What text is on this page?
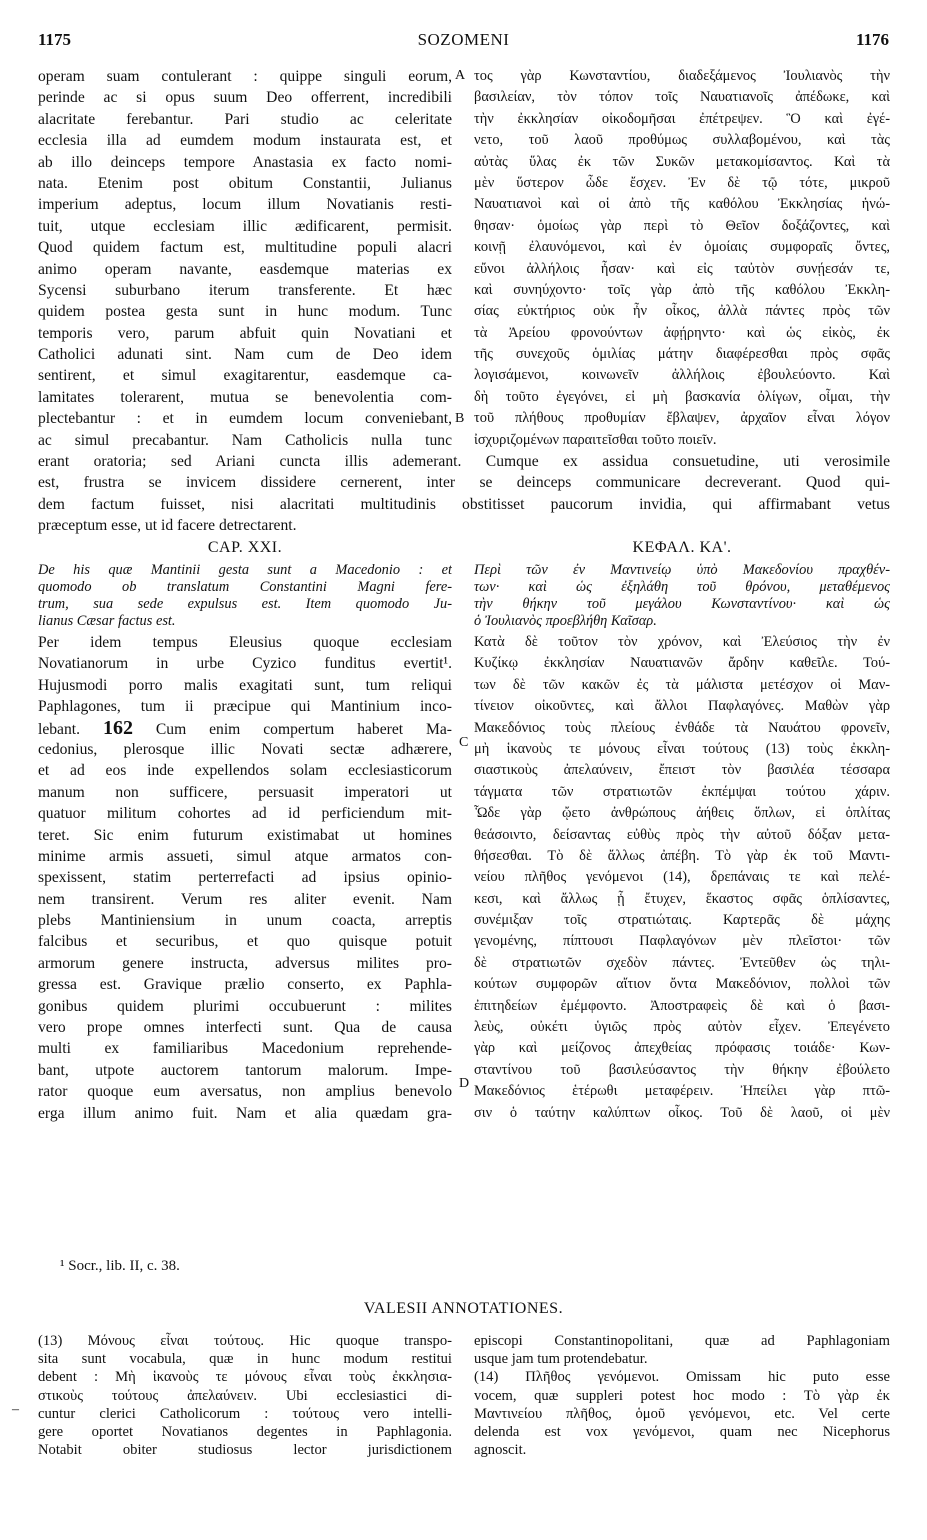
1175	SOZOMENI	1176
operam suam contulerant : quippe singuli eorum,
perinde ac si opus suum Deo offerrent, incredibili
alacritate ferebantur. Pari studio ac celeritate
ecclesia illa ad eumdem modum instaurata est, et
ab illo deinceps tempore Anastasia ex facto nomi-
nata. Etenim post obitum Constantii, Julianus
imperium adeptus, locum illum Novatianis resti-
tuit, utque ecclesiam illic ædificarent, permisit.
Quod quidem factum est, multitudine populi alacri
animo operam navante, easdemque materias ex
Sycensi suburbano iterum transferente. Et hæc
quidem postea gesta sunt in hunc modum. Tunc
temporis vero, parum abfuit quin Novatiani et
Catholici adunati sint. Nam cum de Deo idem
sentirent, et simul exagitarentur, easdemque ca-
lamitates tolerarent, mutua se benevolentia com-
plectebantur : et in eumdem locum conveniebant,
ac simul precabantur. Nam Catholicis nulla tunc
τος γὰρ Κωνσταντίου, διαδεξάμενος Ἰουλιανὸς τὴν
βασιλείαν, τὸν τόπον τοῖς Ναυατιανοῖς ἀπέδωκε, καὶ
τὴν ἐκκλησίαν οἰκοδομῆσαι ἐπέτρεψεν. Ὃ καὶ ἐγέ-
νετο, τοῦ λαοῦ προθύμως συλλαβομένου, καὶ τὰς
αὐτὰς ὕλας ἐκ τῶν Συκῶν μετακομίσαντος. Καὶ τὰ
μὲν ὕστερον ὧδε ἔσχεν. Ἐν δὲ τῷ τότε, μικροῦ
Ναυατιανοὶ καὶ οἱ ἀπὸ τῆς καθόλου Ἐκκλησίας ἡνώ-
θησαν· ὁμοίως γὰρ περὶ τὸ Θεῖον δοξάζοντες, καὶ
κοινῇ ἐλαυνόμενοι, καὶ ἐν ὁμοίαις συμφοραῖς ὄντες,
εὔνοι ἀλλήλοις ἦσαν· καὶ εἰς ταὐτὸν συνῄεσάν τε,
καὶ συνηύχοντο· τοῖς γὰρ ἀπὸ τῆς καθόλου Ἐκκλη-
σίας εὐκτήριος οὐκ ἦν οἶκος, ἀλλὰ πάντες πρὸς τῶν
τὰ Ἀρείου φρονούντων ἀφῄρηντο· καὶ ὡς εἰκὸς, ἐκ
τῆς συνεχοῦς ὁμιλίας μάτην διαφέρεσθαι πρὸς σφᾶς
λογισάμενοι, κοινωνεῖν ἀλλήλοις ἐβουλεύοντο. Καὶ
δὴ τοῦτο ἐγεγόνει, εἰ μὴ βασκανία ὀλίγων, οἶμαι, τὴν
τοῦ πλήθους προθυμίαν ἔβλαψεν, ἀρχαῖον εἶναι λόγον
ἰσχυριζομένων παραιτεῖσθαι τοῦτο ποιεῖν.
A
B
C
D
erant oratoria; sed Ariani cuncta illis ademerant. Cumque ex assidua consuetudine, uti verosimile
est, frustra se invicem dissidere cernerent, inter se deinceps communicare decreverant. Quod qui-
dem factum fuisset, nisi alacritati multitudinis obstitisset paucorum invidia, qui affirmabant vetus
præceptum esse, ut id facere detrectarent.
CAP. XXI.	ΚΕΦΑΛ. ΚΑ'.
De his quæ Mantinii gesta sunt a Macedonio : et
quomodo ob translatum Constantini Magni fere-
trum, sua sede expulsus est. Item quomodo Ju-
lianus Cæsar factus est.
Περὶ τῶν ἐν Μαντινείῳ ὑπὸ Μακεδονίου πραχθέν-
των· καὶ ὡς ἐξηλάθη τοῦ θρόνου, μεταθέμενος
τὴν θήκην τοῦ μεγάλου Κωνσταντίνου· καὶ ὡς
ὁ Ἰουλιανὸς προεβλήθη Καῖσαρ.
Per idem tempus Eleusius quoque ecclesiam
Novatianorum in urbe Cyzico funditus evertit¹.
Hujusmodi porro malis exagitati sunt, tum reliqui
Paphlagones, tum ii præcipue qui Mantinium inco-
lebant. 162 Cum enim compertum haberet Ma-
cedonius, plerosque illic Novati sectæ adhærere,
et ad eos inde expellendos solam ecclesiasticorum
manum non sufficere, persuasit imperatori ut
quatuor militum cohortes ad id perficiendum mit-
teret. Sic enim futurum existimabat ut homines
minime armis assueti, simul atque armatos con-
spexissent, statim perterrefacti ad ipsius opinio-
nem transirent. Verum res aliter evenit. Nam
plebs Mantiniensium in unum coacta, arreptis
falcibus et securibus, et quo quisque potuit
armorum genere instructa, adversus milites pro-
gressa est. Gravique prælio conserto, ex Paphla-
gonibus quidem plurimi occubuerunt : milites
vero prope omnes interfecti sunt. Qua de causa
multi ex familiaribus Macedonium reprehende-
bant, utpote auctorem tantorum malorum. Impe-
rator quoque eum aversatus, non amplius benevolo
erga illum animo fuit. Nam et alia quædam gra-
Κατὰ δὲ τοῦτον τὸν χρόνον, καὶ Ἐλεύσιος τὴν ἐν
Κυζίκῳ ἐκκλησίαν Ναυατιανῶν ἄρδην καθεῖλε. Τού-
των δὲ τῶν κακῶν ἐς τὰ μάλιστα μετέσχον οἱ Μαν-
τίνειον οἰκοῦντες, καὶ ἄλλοι Παφλαγόνες. Μαθὼν γὰρ
Μακεδόνιος τοὺς πλείους ἐνθάδε τὰ Ναυάτου φρονεῖν,
μὴ ἱκανοὺς τε μόνους εἶναι τούτους (13) τοὺς ἐκκλη-
σιαστικοὺς ἀπελαύνειν, ἔπειστ τὸν βασιλέα τέσσαρα
τάγματα τῶν στρατιωτῶν ἐκπέμψαι τούτου χάριν.
Ὧδε γὰρ ᾤετο ἀνθρώπους ἀήθεις ὅπλων, εἰ ὁπλίτας
θεάσοιντο, δείσαντας εὐθὺς πρὸς τὴν αὐτοῦ δόξαν μετα-
θήσεσθαι. Τὸ δὲ ἄλλως ἀπέβη. Τὸ γὰρ ἐκ τοῦ Μαντι-
νείου πλῆθος γενόμενοι (14), δρεπάναις τε καὶ πελέ-
κεσι, καὶ ἄλλως ᾗ ἔτυχεν, ἕκαστος σφᾶς ὁπλίσαντες,
συνέμιξαν τοῖς στρατιώταις. Καρτερᾶς δὲ μάχης
γενομένης, πίπτουσι Παφλαγόνων μὲν πλεῖστοι· τῶν
δὲ στρατιωτῶν σχεδὸν πάντες. Ἐντεῦθεν ὡς τηλι-
κούτων συμφορῶν αἴτιον ὄντα Μακεδόνιον, πολλοὶ τῶν
ἐπιτηδείων ἐμέμφοντο. Ἀποστραφεὶς δὲ καὶ ὁ βασι-
λεὺς, οὐκέτι ὑγιῶς πρὸς αὐτὸν εἶχεν. Ἐπεγένετο
γὰρ καὶ μείζονος ἀπεχθείας πρόφασις τοιάδε· Κων-
σταντίνου τοῦ βασιλεύσαντος τὴν θήκην ἐβούλετο
Μακεδόνιος ἑτέρωθι μεταφέρειν. Ἠπείλει γὰρ πτῶ-
σιν ὁ ταύτην καλύπτων οἶκος. Τοῦ δὲ λαοῦ, οἱ μὲν
¹ Socr., lib. II, c. 38.
VALESII ANNOTATIONES.
(13) Μόνους εἶναι τούτους. Hic quoque transpo-
sita sunt vocabula, quæ in hunc modum restitui
debent : Μὴ ἱκανοὺς τε μόνους εἶναι τοὺς ἐκκλησια-
στικοὺς τούτους ἀπελαύνειν. Ubi ecclesiastici di-
cuntur clerici Catholicorum : τούτους vero intelli-
gere oportet Novatianos degentes in Paphlagonia.
Notabit obiter studiosus lector jurisdictionem
episcopi Constantinopolitani, quæ ad Paphlagoniam
usque jam tum protendebatur.
(14) Πλῆθος γενόμενοι. Omissam hic puto esse
vocem, quæ suppleri potest hoc modo : Τὸ γὰρ ἐκ
Μαντινείου πλῆθος, ὁμοῦ γενόμενοι, etc. Vel certe
delenda est vox γενόμενοι, quam nec Nicephorus
agnoscit.
–
